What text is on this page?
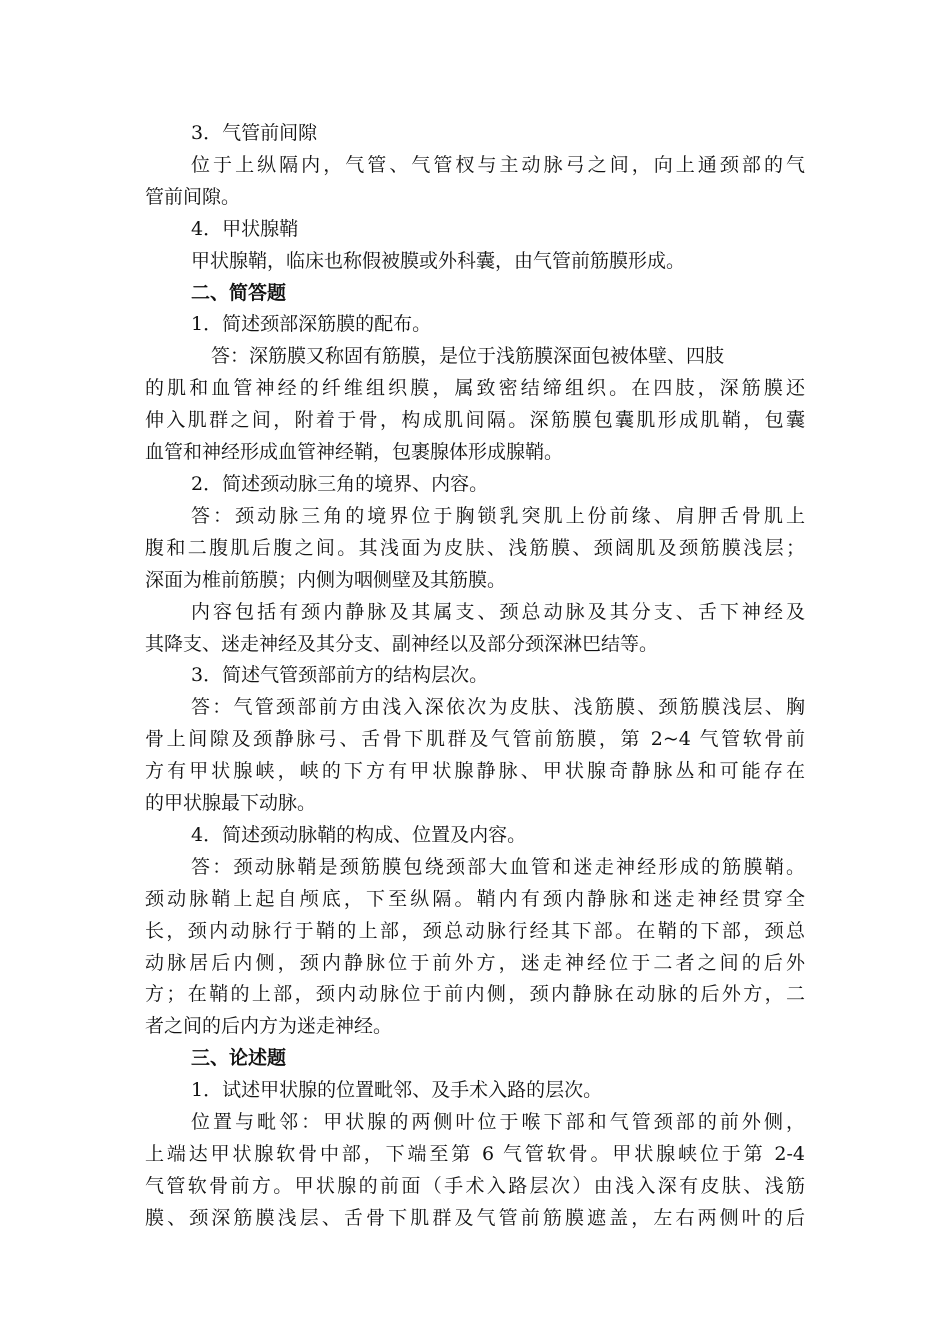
3．气管前间隙
位于上纵隔内，气管、气管杈与主动脉弓之间，向上通颈部的气
管前间隙。
4．甲状腺鞘
甲状腺鞘，临床也称假被膜或外科囊，由气管前筋膜形成。
二、简答题
1．简述颈部深筋膜的配布。
答：深筋膜又称固有筋膜，是位于浅筋膜深面包被体壁、四肢
的肌和血管神经的纤维组织膜，属致密结缔组织。在四肢，深筋膜还
伸入肌群之间，附着于骨，构成肌间隔。深筋膜包囊肌形成肌鞘，包囊
血管和神经形成血管神经鞘，包裹腺体形成腺鞘。
2．简述颈动脉三角的境界、内容。
答：颈动脉三角的境界位于胸锁乳突肌上份前缘、肩胛舌骨肌上
腹和二腹肌后腹之间。其浅面为皮肤、浅筋膜、颈阔肌及颈筋膜浅层；
深面为椎前筋膜；内侧为咽侧壁及其筋膜。
内容包括有颈内静脉及其属支、颈总动脉及其分支、舌下神经及
其降支、迷走神经及其分支、副神经以及部分颈深淋巴结等。
3．简述气管颈部前方的结构层次。
答：气管颈部前方由浅入深依次为皮肤、浅筋膜、颈筋膜浅层、胸
骨上间隙及颈静脉弓、舌骨下肌群及气管前筋膜，第 2~4 气管软骨前
方有甲状腺峡，峡的下方有甲状腺静脉、甲状腺奇静脉丛和可能存在
的甲状腺最下动脉。
4．简述颈动脉鞘的构成、位置及内容。
答：颈动脉鞘是颈筋膜包绕颈部大血管和迷走神经形成的筋膜鞘。
颈动脉鞘上起自颅底，下至纵隔。鞘内有颈内静脉和迷走神经贯穿全
长，颈内动脉行于鞘的上部，颈总动脉行经其下部。在鞘的下部，颈总
动脉居后内侧，颈内静脉位于前外方，迷走神经位于二者之间的后外
方；在鞘的上部，颈内动脉位于前内侧，颈内静脉在动脉的后外方，二
者之间的后内方为迷走神经。
三、论述题
1．试述甲状腺的位置毗邻、及手术入路的层次。
位置与毗邻：甲状腺的两侧叶位于喉下部和气管颈部的前外侧，
上端达甲状腺软骨中部，下端至第 6 气管软骨。甲状腺峡位于第 2-4
气管软骨前方。甲状腺的前面（手术入路层次）由浅入深有皮肤、浅筋
膜、颈深筋膜浅层、舌骨下肌群及气管前筋膜遮盖，左右两侧叶的后
